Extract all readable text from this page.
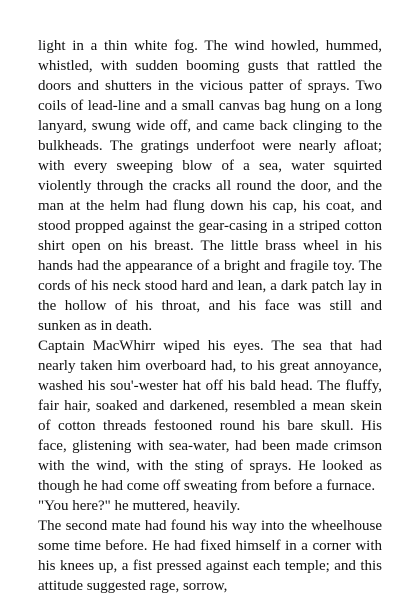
light in a thin white fog. The wind howled, hummed, whistled, with sudden booming gusts that rattled the doors and shutters in the vicious patter of sprays. Two coils of lead-line and a small canvas bag hung on a long lanyard, swung wide off, and came back clinging to the bulkheads. The gratings underfoot were nearly afloat; with every sweeping blow of a sea, water squirted violently through the cracks all round the door, and the man at the helm had flung down his cap, his coat, and stood propped against the gear-casing in a striped cotton shirt open on his breast. The little brass wheel in his hands had the appearance of a bright and fragile toy. The cords of his neck stood hard and lean, a dark patch lay in the hollow of his throat, and his face was still and sunken as in death.

Captain MacWhirr wiped his eyes. The sea that had nearly taken him overboard had, to his great annoyance, washed his sou'-wester hat off his bald head. The fluffy, fair hair, soaked and darkened, resembled a mean skein of cotton threads festooned round his bare skull. His face, glistening with sea-water, had been made crimson with the wind, with the sting of sprays. He looked as though he had come off sweating from before a furnace.

"You here?" he muttered, heavily.

The second mate had found his way into the wheelhouse some time before. He had fixed himself in a corner with his knees up, a fist pressed against each temple; and this attitude suggested rage, sorrow,
